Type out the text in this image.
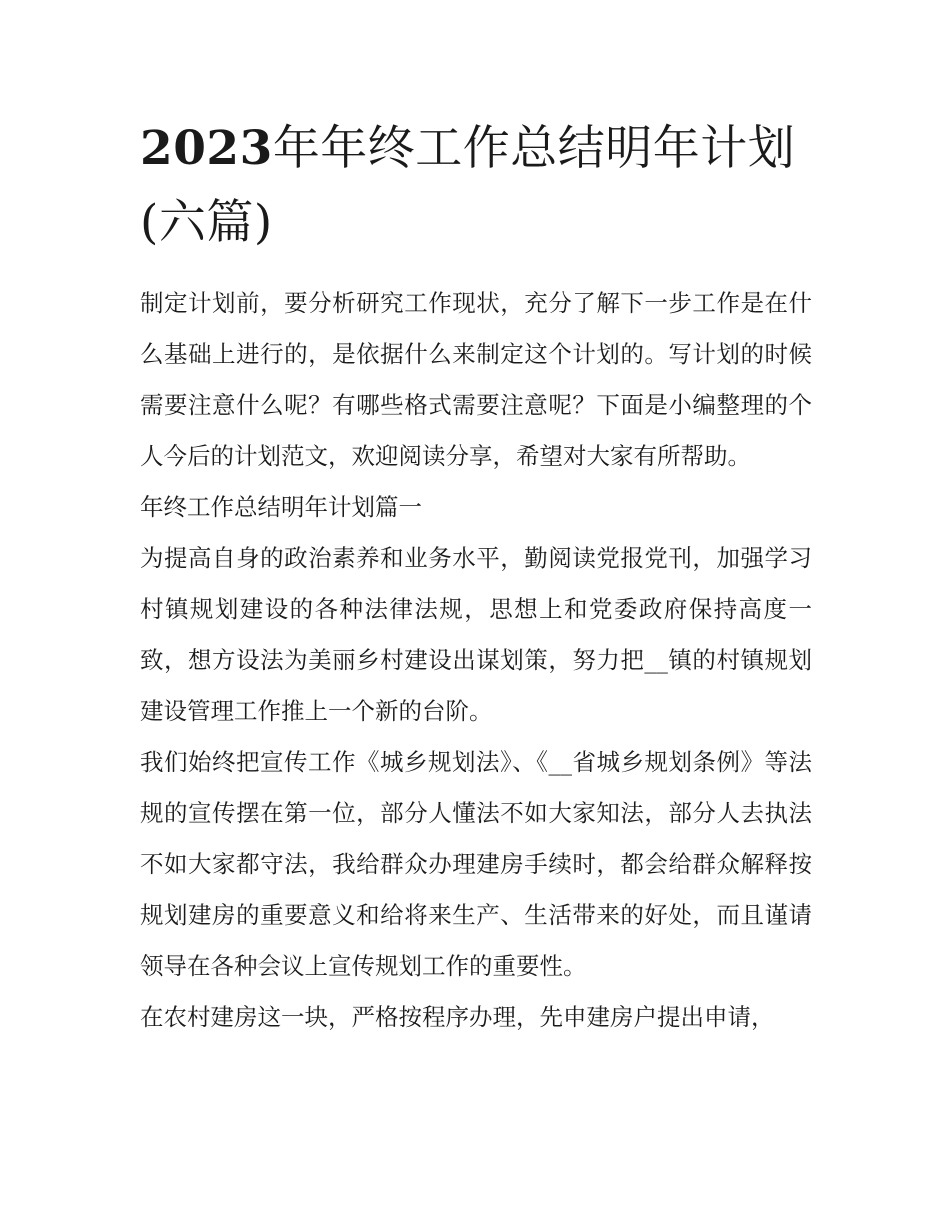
2023年年终工作总结明年计划(六篇)

制定计划前，要分析研究工作现状，充分了解下一步工作是在什么基础上进行的，是依据什么来制定这个计划的。写计划的时候需要注意什么呢？有哪些格式需要注意呢？下面是小编整理的个人今后的计划范文，欢迎阅读分享，希望对大家有所帮助。

年终工作总结明年计划篇一

为提高自身的政治素养和业务水平，勤阅读党报党刊，加强学习村镇规划建设的各种法律法规，思想上和党委政府保持高度一致，想方设法为美丽乡村建设出谋划策，努力把__镇的村镇规划建设管理工作推上一个新的台阶。

我们始终把宣传工作《城乡规划法》、《__省城乡规划条例》等法规的宣传摆在第一位，部分人懂法不如大家知法，部分人去执法不如大家都守法，我给群众办理建房手续时，都会给群众解释按规划建房的重要意义和给将来生产、生活带来的好处，而且谨请领导在各种会议上宣传规划工作的重要性。

在农村建房这一块，严格按程序办理，先申建房户提出申请，
